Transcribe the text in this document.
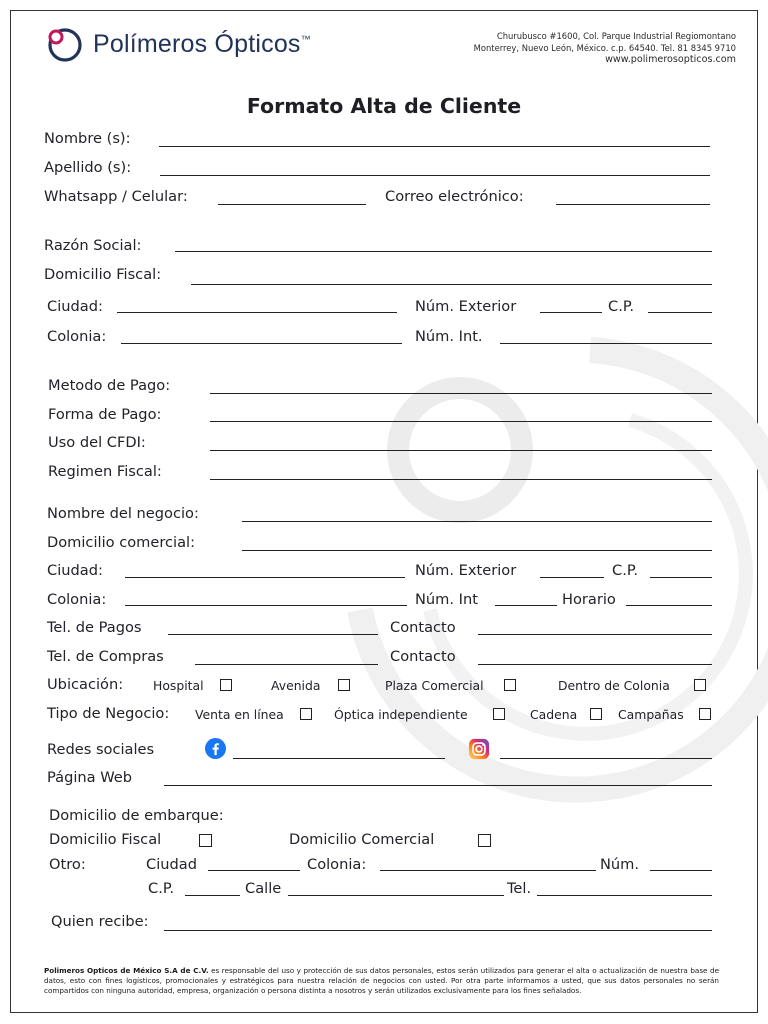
Polímeros Ópticos™	Churubusco #1600, Col. Parque Industrial Regiomontano
Monterrey, Nuevo León, México. c.p. 64540. Tel. 81 8345 9710
www.polimerosopticos.com
Formato Alta de Cliente
Nombre (s):
Apellido (s):
Whatsapp / Celular:	Correo electrónico:
Razón Social:
Domicilio Fiscal:
Ciudad:	Núm. Exterior	C.P.
Colonia:	Núm. Int.
Metodo de Pago:
Forma de Pago:
Uso del CFDI:
Regimen Fiscal:
Nombre del negocio:
Domicilio comercial:
Ciudad:	Núm. Exterior	C.P.
Colonia:	Núm. Int	Horario
Tel. de Pagos	Contacto
Tel. de Compras	Contacto
Ubicación: Hospital	Avenida	Plaza Comercial	Dentro de Colonia
Tipo de Negocio: Venta en línea	Óptica independiente	Cadena	Campañas
Redes sociales
Página Web
Domicilio de embarque:
Domicilio Fiscal	Domicilio Comercial
Otro:	Ciudad	Colonia:	Núm.
C.P.	Calle	Tel.
Quien recibe:
Polimeros Opticos de México S.A de C.V. es responsable del uso y protección de sus datos personales, estos serán utilizados para generar el alta o actualización de nuestra base de datos, esto con fines logísticos, promocionales y estratégicos para nuestra relación de negocios con usted. Por otra parte informamos a usted, que sus datos personales no serán compartidos con ninguna autoridad, empresa, organización o persona distinta a nosotros y serán utilizados exclusivamente para los fines señalados.
